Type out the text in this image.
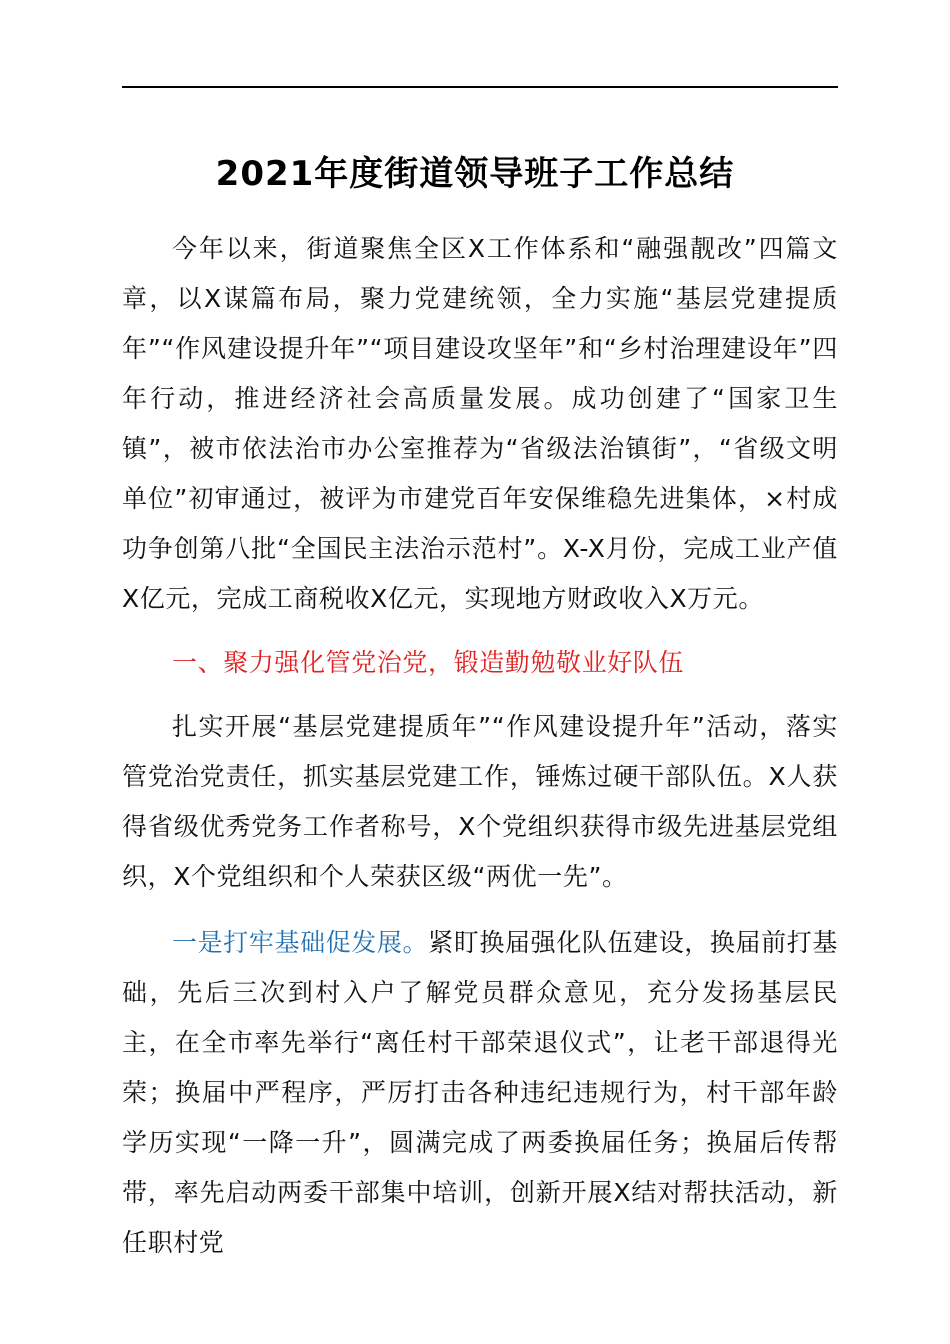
2021年度街道领导班子工作总结

今年以来，街道聚焦全区X工作体系和“融强靓改”四篇文章，以X谋篇布局，聚力党建统领，全力实施“基层党建提质年”“作风建设提升年”“项目建设攻坚年”和“乡村治理建设年”四年行动，推进经济社会高质量发展。成功创建了“国家卫生镇”，被市依法治市办公室推荐为“省级法治镇街”，“省级文明单位”初审通过，被评为市建党百年安保维稳先进集体，×村成功争创第八批“全国民主法治示范村”。X-X月份，完成工业产值X亿元，完成工商税收X亿元，实现地方财政收入X万元。

一、聚力强化管党治党，锻造勤勉敬业好队伍

扎实开展“基层党建提质年”“作风建设提升年”活动，落实管党治党责任，抓实基层党建工作，锤炼过硬干部队伍。X人获得省级优秀党务工作者称号，X个党组织获得市级先进基层党组织，X个党组织和个人荣获区级“两优一先”。

一是打牢基础促发展。紧盯换届强化队伍建设，换届前打基础，先后三次到村入户了解党员群众意见，充分发扬基层民主，在全市率先举行“离任村干部荣退仪式”，让老干部退得光荣；换届中严程序，严厉打击各种违纪违规行为，村干部年龄学历实现“一降一升”，圆满完成了两委换届任务；换届后传帮带，率先启动两委干部集中培训，创新开展X结对帮扶活动，新任职村党
